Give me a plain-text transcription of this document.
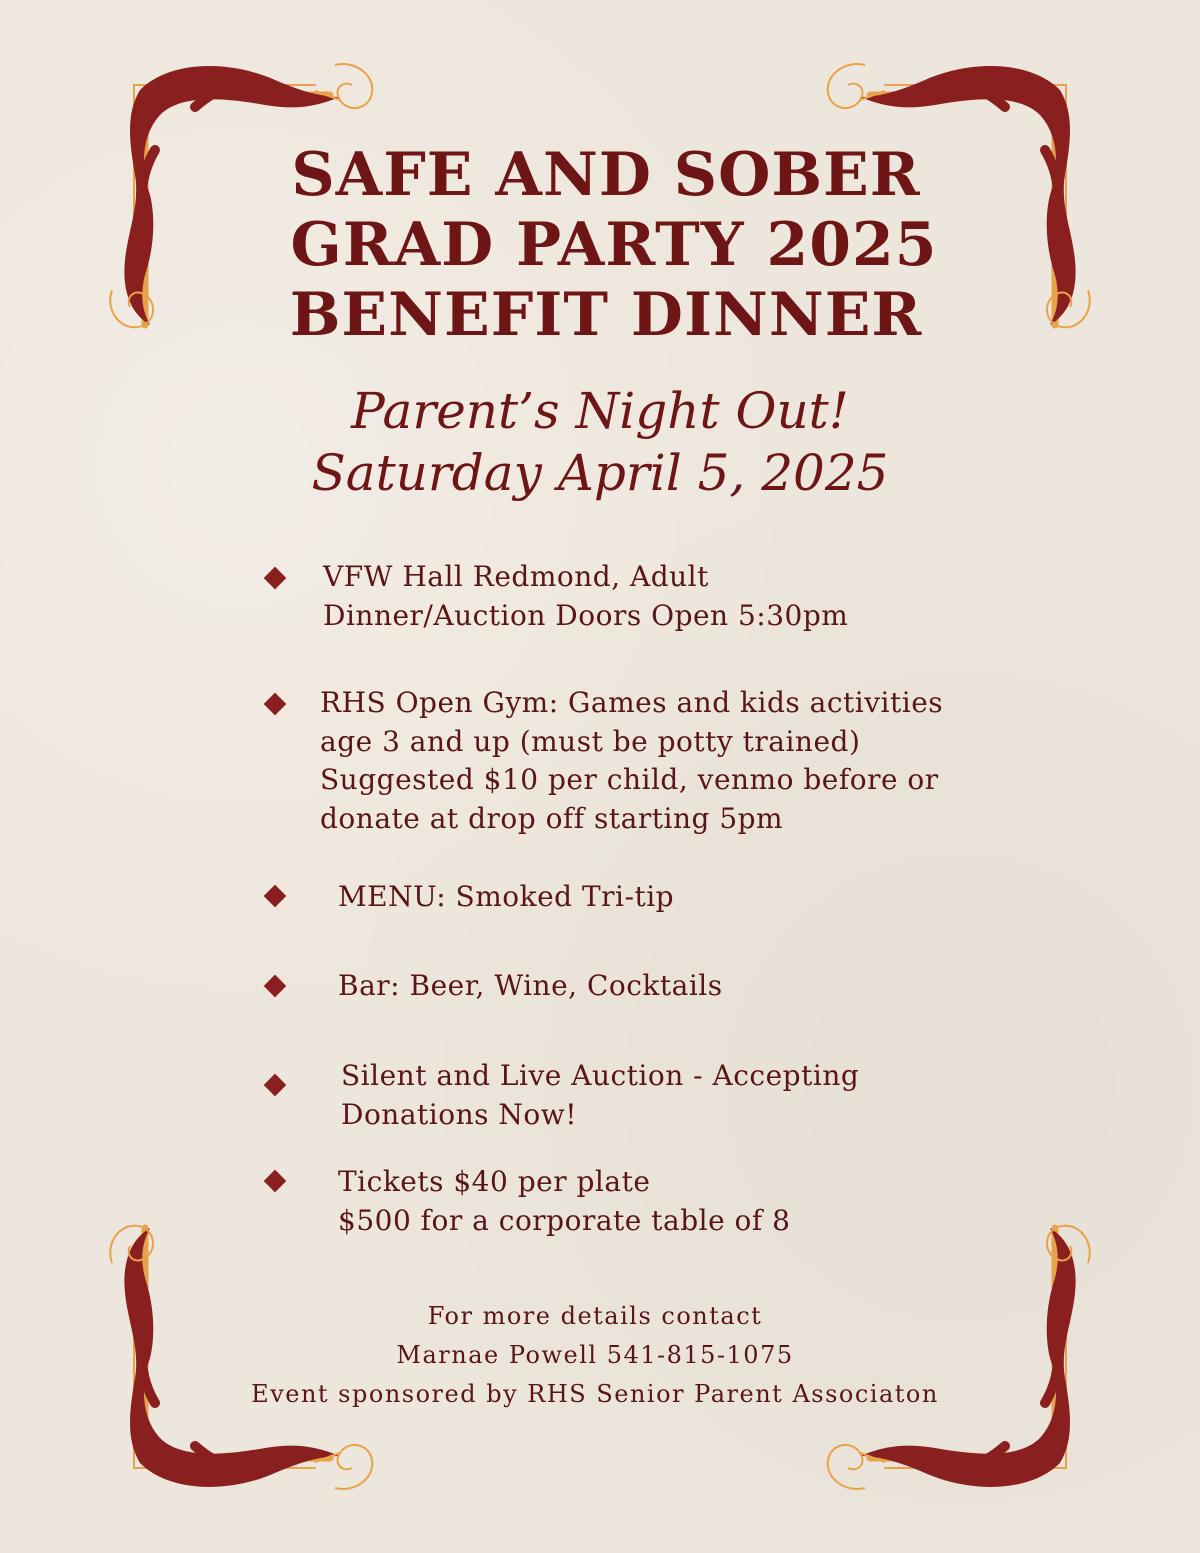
SAFE AND SOBER
GRAD PARTY 2025
BENEFIT DINNER

Parent’s Night Out!

Saturday April 5, 2025

VFW Hall Redmond, Adult
Dinner/Auction Doors Open 5:30pm
RHS Open Gym: Games and kids activities
age 3 and up (must be potty trained)
Suggested $10 per child, venmo before or
donate at drop off starting 5pm
MENU: Smoked Tri-tip
Bar: Beer, Wine, Cocktails
Silent and Live Auction - Accepting
Donations Now!
Tickets $40 per plate
$500 for a corporate table of 8
For more details contact
Marnae Powell 541-815-1075
Event sponsored by RHS Senior Parent Associaton
